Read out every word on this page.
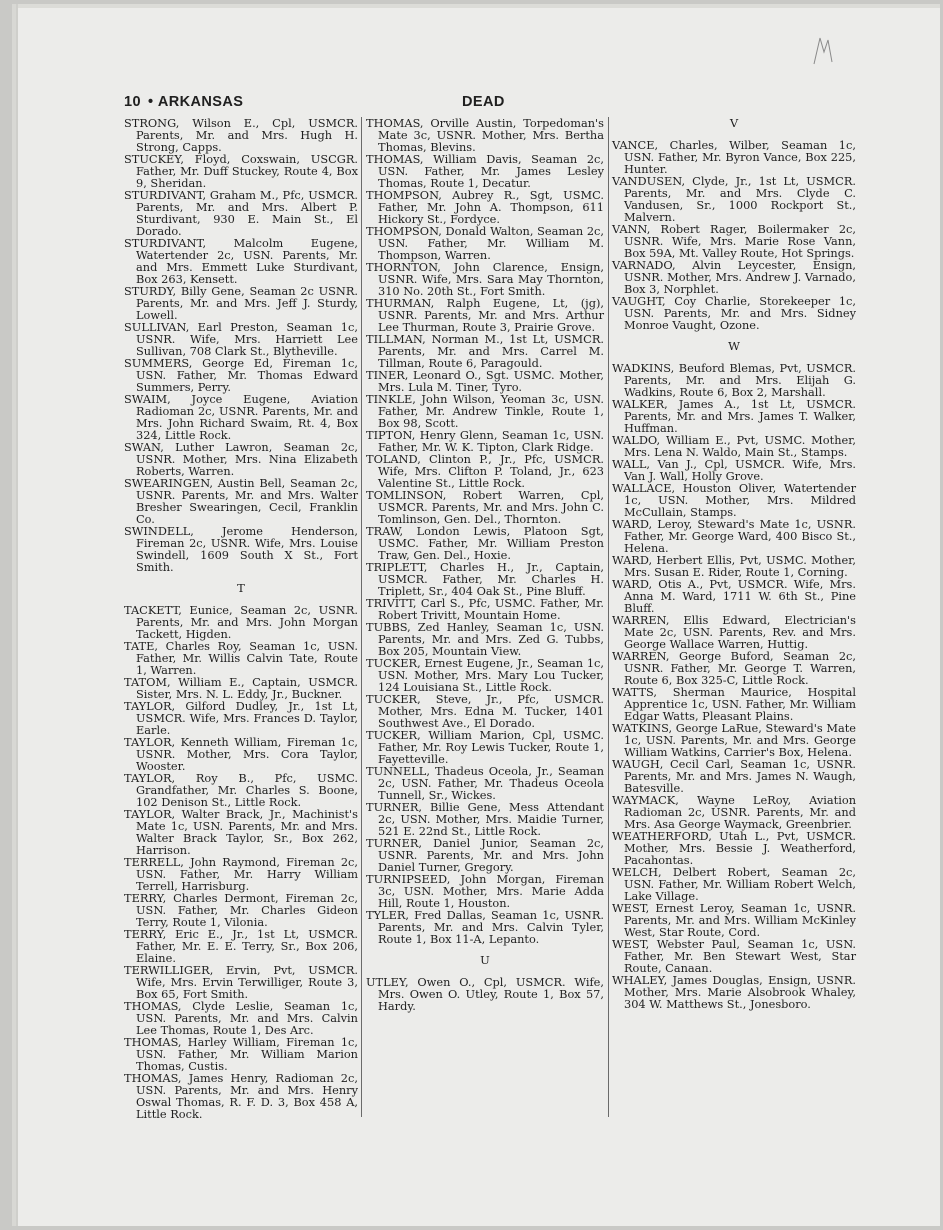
10 • ARKANSAS	DEAD

STRONG, Wilson E., Cpl, USMCR. Parents, Mr. and Mrs. Hugh H. Strong, Capps.

STUCKEY, Floyd, Coxswain, USCGR. Father, Mr. Duff Stuckey, Route 4, Box 9, Sheridan.

STURDIVANT, Graham M., Pfc, USMCR. Parents, Mr. and Mrs. Albert P. Sturdivant, 930 E. Main St., El Dorado.

STURDIVANT, Malcolm Eugene, Watertender 2c, USN. Parents, Mr. and Mrs. Emmett Luke Sturdivant, Box 263, Kensett.

STURDY, Billy Gene, Seaman 2c USNR. Parents, Mr. and Mrs. Jeff J. Sturdy, Lowell.

SULLIVAN, Earl Preston, Seaman 1c, USNR. Wife, Mrs. Harriett Lee Sullivan, 708 Clark St., Blytheville.

SUMMERS, George Ed, Fireman 1c, USN. Father, Mr. Thomas Edward Summers, Perry.

SWAIM, Joyce Eugene, Aviation Radioman 2c, USNR. Parents, Mr. and Mrs. John Richard Swaim, Rt. 4, Box 324, Little Rock.

SWAN, Luther Lawron, Seaman 2c, USNR. Mother, Mrs. Nina Elizabeth Roberts, Warren.

SWEARINGEN, Austin Bell, Seaman 2c, USNR. Parents, Mr. and Mrs. Walter Bresher Swearingen, Cecil, Franklin Co.

SWINDELL, Jerome Henderson, Fireman 2c, USNR. Wife, Mrs. Louise Swindell, 1609 South X St., Fort Smith.

T

TACKETT, Eunice, Seaman 2c, USNR. Parents, Mr. and Mrs. John Morgan Tackett, Higden.

TATE, Charles Roy, Seaman 1c, USN. Father, Mr. Willis Calvin Tate, Route 1, Warren.

TATOM, William E., Captain, USMCR. Sister, Mrs. N. L. Eddy, Jr., Buckner.

TAYLOR, Gilford Dudley, Jr., 1st Lt, USMCR. Wife, Mrs. Frances D. Taylor, Earle.

TAYLOR, Kenneth William, Fireman 1c, USNR. Mother, Mrs. Cora Taylor, Wooster.

TAYLOR, Roy B., Pfc, USMC. Grandfather, Mr. Charles S. Boone, 102 Denison St., Little Rock.

TAYLOR, Walter Brack, Jr., Machinist's Mate 1c, USN. Parents, Mr. and Mrs. Walter Brack Taylor, Sr., Box 262, Harrison.

TERRELL, John Raymond, Fireman 2c, USN. Father, Mr. Harry William Terrell, Harrisburg.

TERRY, Charles Dermont, Fireman 2c, USN. Father, Mr. Charles Gideon Terry, Route 1, Vilonia.

TERRY, Eric E., Jr., 1st Lt, USMCR. Father, Mr. E. E. Terry, Sr., Box 206, Elaine.

TERWILLIGER, Ervin, Pvt, USMCR. Wife, Mrs. Ervin Terwilliger, Route 3, Box 65, Fort Smith.

THOMAS, Clyde Leslie, Seaman 1c, USN. Parents, Mr. and Mrs. Calvin Lee Thomas, Route 1, Des Arc.

THOMAS, Harley William, Fireman 1c, USN. Father, Mr. William Marion Thomas, Custis.

THOMAS, James Henry, Radioman 2c, USN. Parents, Mr. and Mrs. Henry Oswal Thomas, R. F. D. 3, Box 458 A, Little Rock.

THOMAS, Orville Austin, Torpedoman's Mate 3c, USNR. Mother, Mrs. Bertha Thomas, Blevins.

THOMAS, William Davis, Seaman 2c, USN. Father, Mr. James Lesley Thomas, Route 1, Decatur.

THOMPSON, Aubrey R., Sgt, USMC. Father, Mr. John A. Thompson, 611 Hickory St., Fordyce.

THOMPSON, Donald Walton, Seaman 2c, USN. Father, Mr. William M. Thompson, Warren.

THORNTON, John Clarence, Ensign, USNR. Wife, Mrs. Sara May Thornton, 310 No. 20th St., Fort Smith.

THURMAN, Ralph Eugene, Lt, (jg), USNR. Parents, Mr. and Mrs. Arthur Lee Thurman, Route 3, Prairie Grove.

TILLMAN, Norman M., 1st Lt, USMCR. Parents, Mr. and Mrs. Carrel M. Tillman, Route 6, Paragould.

TINER, Leonard O., Sgt. USMC. Mother, Mrs. Lula M. Tiner, Tyro.

TINKLE, John Wilson, Yeoman 3c, USN. Father, Mr. Andrew Tinkle, Route 1, Box 98, Scott.

TIPTON, Henry Glenn, Seaman 1c, USN. Father, Mr. W. K. Tipton, Clark Ridge.

TOLAND, Clinton P., Jr., Pfc, USMCR. Wife, Mrs. Clifton P. Toland, Jr., 623 Valentine St., Little Rock.

TOMLINSON, Robert Warren, Cpl, USMCR. Parents, Mr. and Mrs. John C. Tomlinson, Gen. Del., Thornton.

TRAW, London Lewis, Platoon Sgt, USMC. Father, Mr. William Preston Traw, Gen. Del., Hoxie.

TRIPLETT, Charles H., Jr., Captain, USMCR. Father, Mr. Charles H. Triplett, Sr., 404 Oak St., Pine Bluff.

TRIVITT, Carl S., Pfc, USMC. Father, Mr. Robert Trivitt, Mountain Home.

TUBBS, Zed Hanley, Seaman 1c, USN. Parents, Mr. and Mrs. Zed G. Tubbs, Box 205, Mountain View.

TUCKER, Ernest Eugene, Jr., Seaman 1c, USN. Mother, Mrs. Mary Lou Tucker, 124 Louisiana St., Little Rock.

TUCKER, Steve, Jr., Pfc, USMCR. Mother, Mrs. Edna M. Tucker, 1401 Southwest Ave., El Dorado.

TUCKER, William Marion, Cpl, USMC. Father, Mr. Roy Lewis Tucker, Route 1, Fayetteville.

TUNNELL, Thadeus Oceola, Jr., Seaman 2c, USN. Father, Mr. Thadeus Oceola Tunnell, Sr., Wickes.

TURNER, Billie Gene, Mess Attendant 2c, USN. Mother, Mrs. Maidie Turner, 521 E. 22nd St., Little Rock.

TURNER, Daniel Junior, Seaman 2c, USNR. Parents, Mr. and Mrs. John Daniel Turner, Gregory.

TURNIPSEED, John Morgan, Fireman 3c, USN. Mother, Mrs. Marie Adda Hill, Route 1, Houston.

TYLER, Fred Dallas, Seaman 1c, USNR. Parents, Mr. and Mrs. Calvin Tyler, Route 1, Box 11-A, Lepanto.

U

UTLEY, Owen O., Cpl, USMCR. Wife, Mrs. Owen O. Utley, Route 1, Box 57, Hardy.

V

VANCE, Charles, Wilber, Seaman 1c, USN. Father, Mr. Byron Vance, Box 225, Hunter.

VANDUSEN, Clyde, Jr., 1st Lt, USMCR. Parents, Mr. and Mrs. Clyde C. Vandusen, Sr., 1000 Rockport St., Malvern.

VANN, Robert Rager, Boilermaker 2c, USNR. Wife, Mrs. Marie Rose Vann, Box 59A, Mt. Valley Route, Hot Springs.

VARNADO, Alvin Leycester, Ensign, USNR. Mother, Mrs. Andrew J. Varnado, Box 3, Norphlet.

VAUGHT, Coy Charlie, Storekeeper 1c, USN. Parents, Mr. and Mrs. Sidney Monroe Vaught, Ozone.

W

WADKINS, Beuford Blemas, Pvt, USMCR. Parents, Mr. and Mrs. Elijah G. Wadkins, Route 6, Box 2, Marshall.

WALKER, James A., 1st Lt, USMCR. Parents, Mr. and Mrs. James T. Walker, Huffman.

WALDO, William E., Pvt, USMC. Mother, Mrs. Lena N. Waldo, Main St., Stamps.

WALL, Van J., Cpl, USMCR. Wife, Mrs. Van J. Wall, Holly Grove.

WALLACE, Houston Oliver, Watertender 1c, USN. Mother, Mrs. Mildred McCullain, Stamps.

WARD, Leroy, Steward's Mate 1c, USNR. Father, Mr. George Ward, 400 Bisco St., Helena.

WARD, Herbert Ellis, Pvt, USMC. Mother, Mrs. Susan E. Rider, Route 1, Corning.

WARD, Otis A., Pvt, USMCR. Wife, Mrs. Anna M. Ward, 1711 W. 6th St., Pine Bluff.

WARREN, Ellis Edward, Electrician's Mate 2c, USN. Parents, Rev. and Mrs. George Wallace Warren, Huttig.

WARREN, George Buford, Seaman 2c, USNR. Father, Mr. George T. Warren, Route 6, Box 325-C, Little Rock.

WATTS, Sherman Maurice, Hospital Apprentice 1c, USN. Father, Mr. William Edgar Watts, Pleasant Plains.

WATKINS, George LaRue, Steward's Mate 1c, USN. Parents, Mr. and Mrs. George William Watkins, Carrier's Box, Helena.

WAUGH, Cecil Carl, Seaman 1c, USNR. Parents, Mr. and Mrs. James N. Waugh, Batesville.

WAYMACK, Wayne LeRoy, Aviation Radioman 2c, USNR. Parents, Mr. and Mrs. Asa George Waymack, Greenbrier.

WEATHERFORD, Utah L., Pvt, USMCR. Mother, Mrs. Bessie J. Weatherford, Pacahontas.

WELCH, Delbert Robert, Seaman 2c, USN. Father, Mr. William Robert Welch, Lake Village.

WEST, Ernest Leroy, Seaman 1c, USNR. Parents, Mr. and Mrs. William McKinley West, Star Route, Cord.

WEST, Webster Paul, Seaman 1c, USN. Father, Mr. Ben Stewart West, Star Route, Canaan.

WHALEY, James Douglas, Ensign, USNR. Mother, Mrs. Marie Alsobrook Whaley, 304 W. Matthews St., Jonesboro.
